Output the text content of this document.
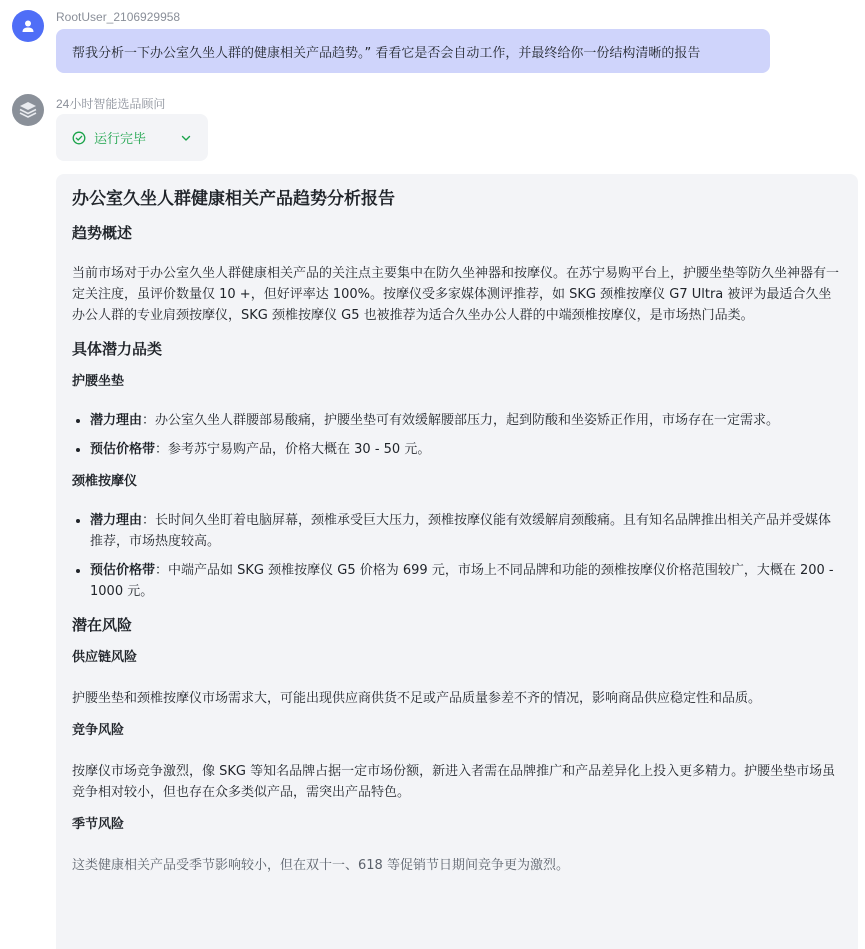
RootUser_2106929958
帮我分析一下办公室久坐人群的健康相关产品趋势。” 看看它是否会自动工作，并最终给你一份结构清晰的报告
24小时智能选品顾问
运行完毕
办公室久坐人群健康相关产品趋势分析报告
趋势概述

当前市场对于办公室久坐人群健康相关产品的关注点主要集中在防久坐神器和按摩仪。在苏宁易购平台上，护腰坐垫等防久坐神器有一定关注度，虽评价数量仅 10 +，但好评率达 100%。按摩仪受多家媒体测评推荐，如 SKG 颈椎按摩仪 G7 Ultra 被评为最适合久坐办公人群的专业肩颈按摩仪，SKG 颈椎按摩仪 G5 也被推荐为适合久坐办公人群的中端颈椎按摩仪，是市场热门品类。

具体潜力品类
护腰坐垫
• 潜力理由：办公室久坐人群腰部易酸痛，护腰坐垫可有效缓解腰部压力，起到防酸和坐姿矫正作用，市场存在一定需求。
• 预估价格带：参考苏宁易购产品，价格大概在 30 - 50 元。
颈椎按摩仪
• 潜力理由：长时间久坐盯着电脑屏幕，颈椎承受巨大压力，颈椎按摩仪能有效缓解肩颈酸痛。且有知名品牌推出相关产品并受媒体推荐，市场热度较高。
• 预估价格带：中端产品如 SKG 颈椎按摩仪 G5 价格为 699 元，市场上不同品牌和功能的颈椎按摩仪价格范围较广，大概在 200 - 1000 元。
潜在风险
供应链风险

护腰坐垫和颈椎按摩仪市场需求大，可能出现供应商供货不足或产品质量参差不齐的情况，影响商品供应稳定性和品质。

竞争风险

按摩仪市场竞争激烈，像 SKG 等知名品牌占据一定市场份额，新进入者需在品牌推广和产品差异化上投入更多精力。护腰坐垫市场虽竞争相对较小，但也存在众多类似产品，需突出产品特色。

季节风险

这类健康相关产品受季节影响较小，但在双十一、618 等促销节日期间竞争更为激烈。
